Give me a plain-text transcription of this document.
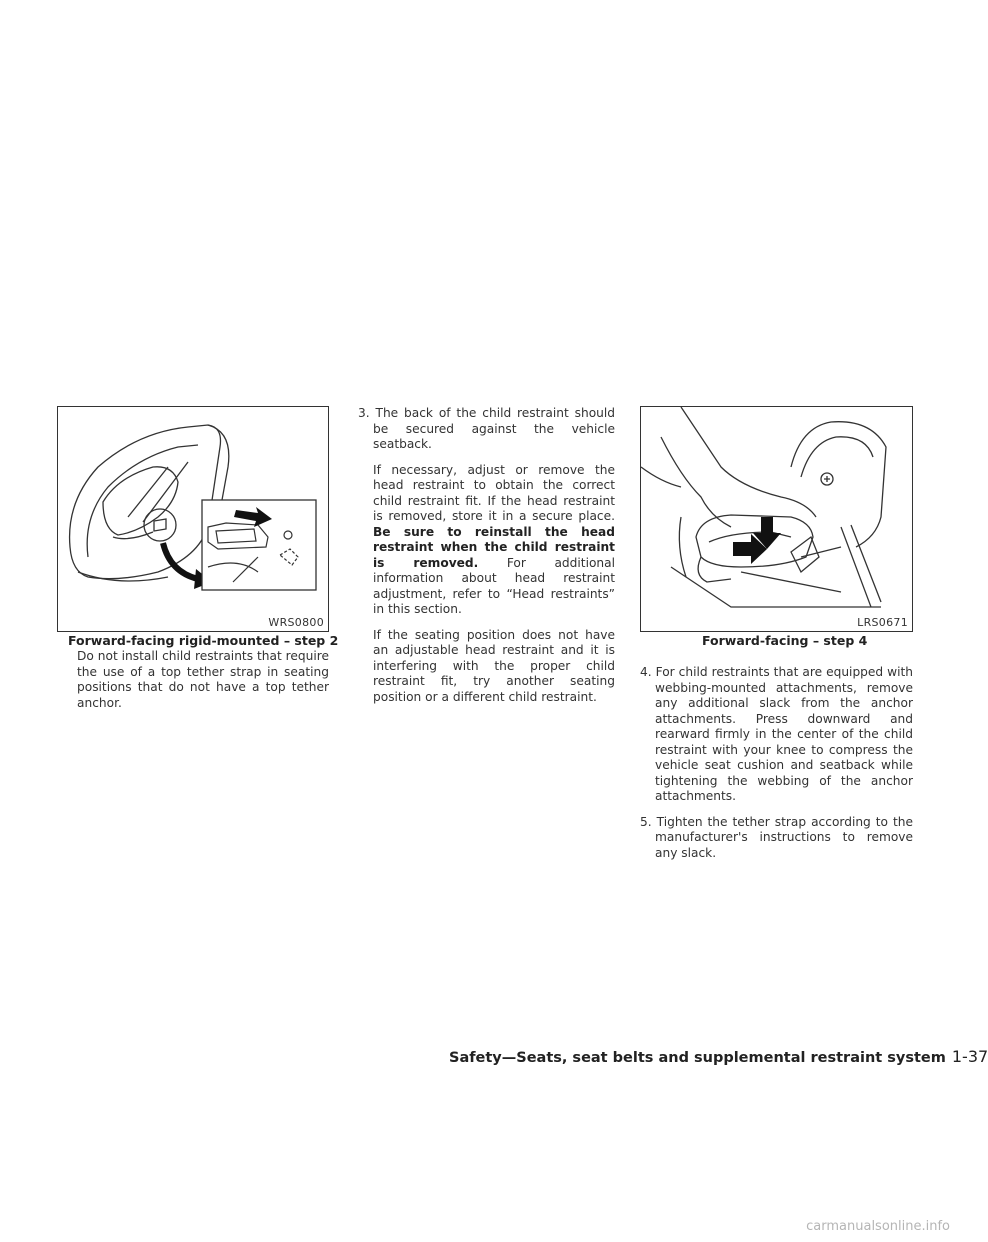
WRS0800
Forward-facing rigid-mounted – step 2
Do not install child restraints that require the use of a top tether strap in seating positions that do not have a top tether anchor.

3. The back of the child restraint should be secured against the vehicle seatback.

If necessary, adjust or remove the head restraint to obtain the correct child restraint fit. If the head restraint is removed, store it in a secure place. Be sure to reinstall the head restraint when the child restraint is removed. For additional information about head restraint adjustment, refer to “Head restraints” in this section.

If the seating position does not have an adjustable head restraint and it is interfering with the proper child restraint fit, try another seating position or a different child restraint.

LRS0671
Forward-facing – step 4

4. For child restraints that are equipped with webbing-mounted attachments, remove any additional slack from the anchor attachments. Press downward and rearward firmly in the center of the child restraint with your knee to compress the vehicle seat cushion and seatback while tightening the webbing of the anchor attachments.

5. Tighten the tether strap according to the manufacturer's instructions to remove any slack.

Safety—Seats, seat belts and supplemental restraint system 1-37
carmanualsonline.info
